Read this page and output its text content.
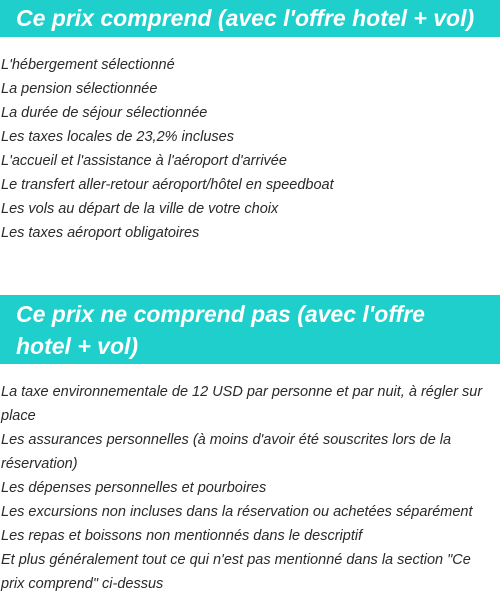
Ce prix comprend (avec l'offre hotel + vol)
L'hébergement sélectionné
La pension sélectionnée
La durée de séjour sélectionnée
Les taxes locales de 23,2% incluses
L'accueil et l'assistance à l'aéroport d'arrivée
Le transfert aller-retour aéroport/hôtel en speedboat
Les vols au départ de la ville de votre choix
Les taxes aéroport obligatoires
Ce prix ne comprend pas (avec l'offre hotel + vol)
La taxe environnementale de 12 USD par personne et par nuit, à régler sur place
Les assurances personnelles (à moins d'avoir été souscrites lors de la réservation)
Les dépenses personnelles et pourboires
Les excursions non incluses dans la réservation ou achetées séparément
Les repas et boissons non mentionnés dans le descriptif
Et plus généralement tout ce qui n'est pas mentionné dans la section "Ce prix comprend" ci-dessus
